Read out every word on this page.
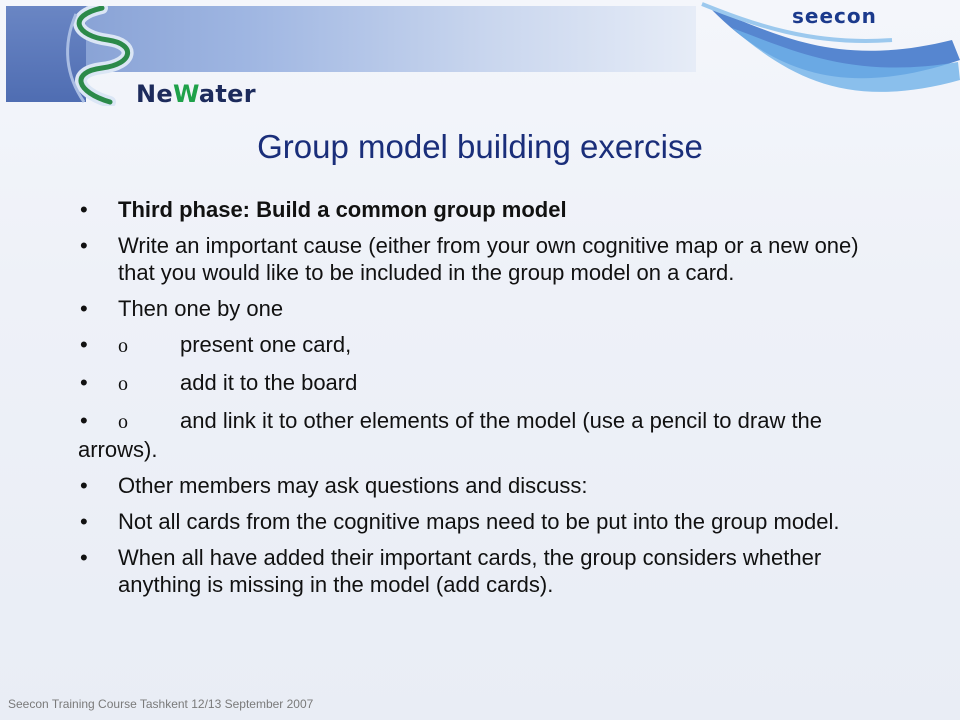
NeWater
seecon
Group model building exercise
• Third phase: Build a common group model
• Write an important cause (either from your own cognitive map or a new one) that you would like to be included in the group model on a card.
• Then one by one
• o present one card,
• o add it to the board
• o and link it to other elements of the model (use a pencil to draw the arrows).
• Other members may ask questions and discuss:
• Not all cards from the cognitive maps need to be put into the group model.
• When all have added their important cards, the group considers whether anything is missing in the model (add cards).
Seecon Training Course Tashkent 12/13 September 2007
